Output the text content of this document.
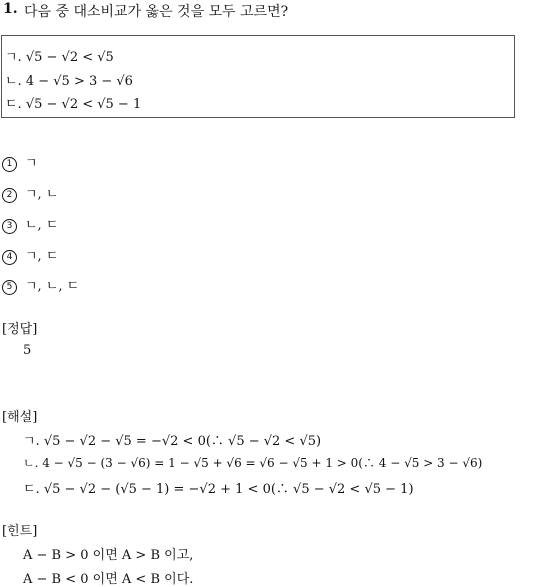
1. 다음 중 대소비교가 옳은 것을 모두 고르면?
ㄱ. √5 − √2 < √5
ㄴ. 4 − √5 > 3 − √6
ㄷ. √5 − √2 < √5 − 1
1 ㄱ
2 ㄱ, ㄴ
3 ㄴ, ㄷ
4 ㄱ, ㄷ
5 ㄱ, ㄴ, ㄷ
[정답]
5
[해설]
ㄱ. √5 − √2 − √5 = −√2 < 0(∴ √5 − √2 < √5)
ㄴ. 4 − √5 − (3 − √6) = 1 − √5 + √6 = √6 − √5 + 1 > 0(∴ 4 − √5 > 3 − √6)
ㄷ. √5 − √2 − (√5 − 1) = −√2 + 1 < 0(∴ √5 − √2 < √5 − 1)
[힌트]
A − B > 0 이면 A > B 이고,
A − B < 0 이면 A < B 이다.
